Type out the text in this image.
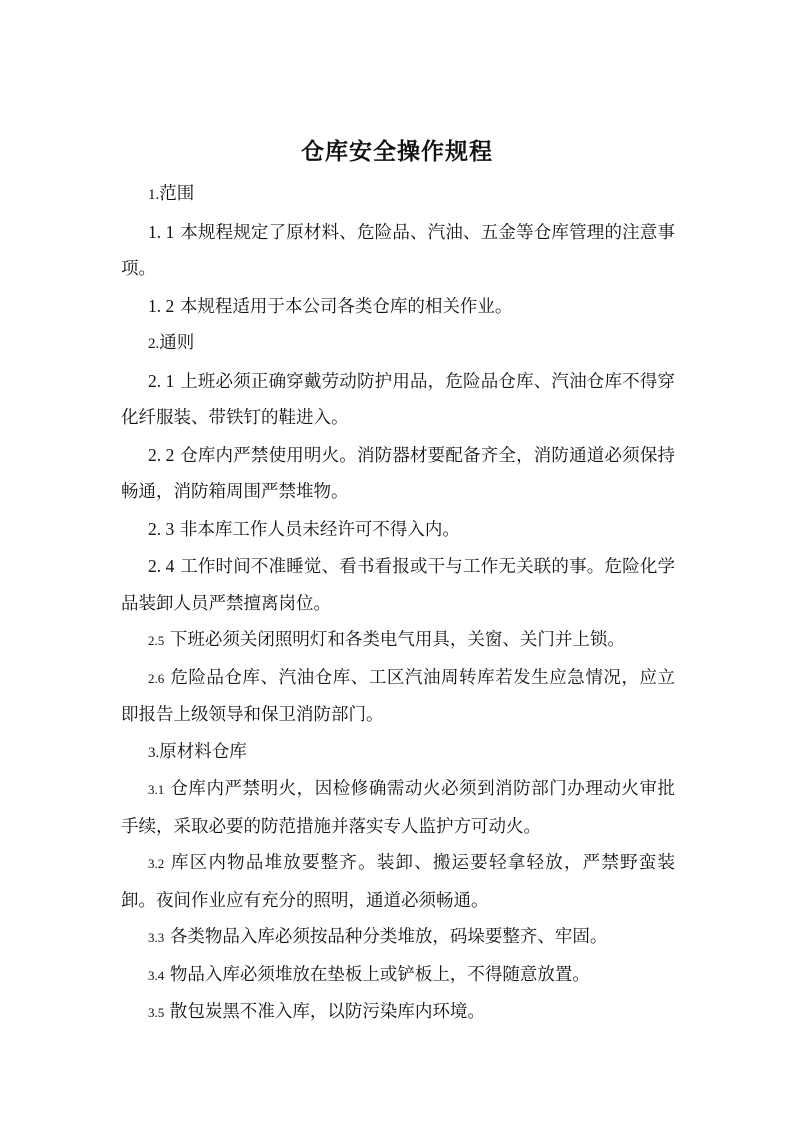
仓库安全操作规程

1.范围

1. 1 本规程规定了原材料、危险品、汽油、五金等仓库管理的注意事项。

1. 2 本规程适用于本公司各类仓库的相关作业。

2.通则

2. 1 上班必须正确穿戴劳动防护用品，危险品仓库、汽油仓库不得穿化纤服装、带铁钉的鞋进入。

2. 2 仓库内严禁使用明火。消防器材要配备齐全，消防通道必须保持畅通，消防箱周围严禁堆物。

2. 3 非本库工作人员未经许可不得入内。

2. 4 工作时间不准睡觉、看书看报或干与工作无关联的事。危险化学品装卸人员严禁擅离岗位。

2.5 下班必须关闭照明灯和各类电气用具，关窗、关门并上锁。

2.6 危险品仓库、汽油仓库、工区汽油周转库若发生应急情况，应立即报告上级领导和保卫消防部门。

3.原材料仓库

3.1 仓库内严禁明火，因检修确需动火必须到消防部门办理动火审批手续，采取必要的防范措施并落实专人监护方可动火。

3.2 库区内物品堆放要整齐。装卸、搬运要轻拿轻放，严禁野蛮装卸。夜间作业应有充分的照明，通道必须畅通。

3.3 各类物品入库必须按品种分类堆放，码垛要整齐、牢固。

3.4 物品入库必须堆放在垫板上或铲板上，不得随意放置。

3.5 散包炭黑不准入库，以防污染库内环境。
